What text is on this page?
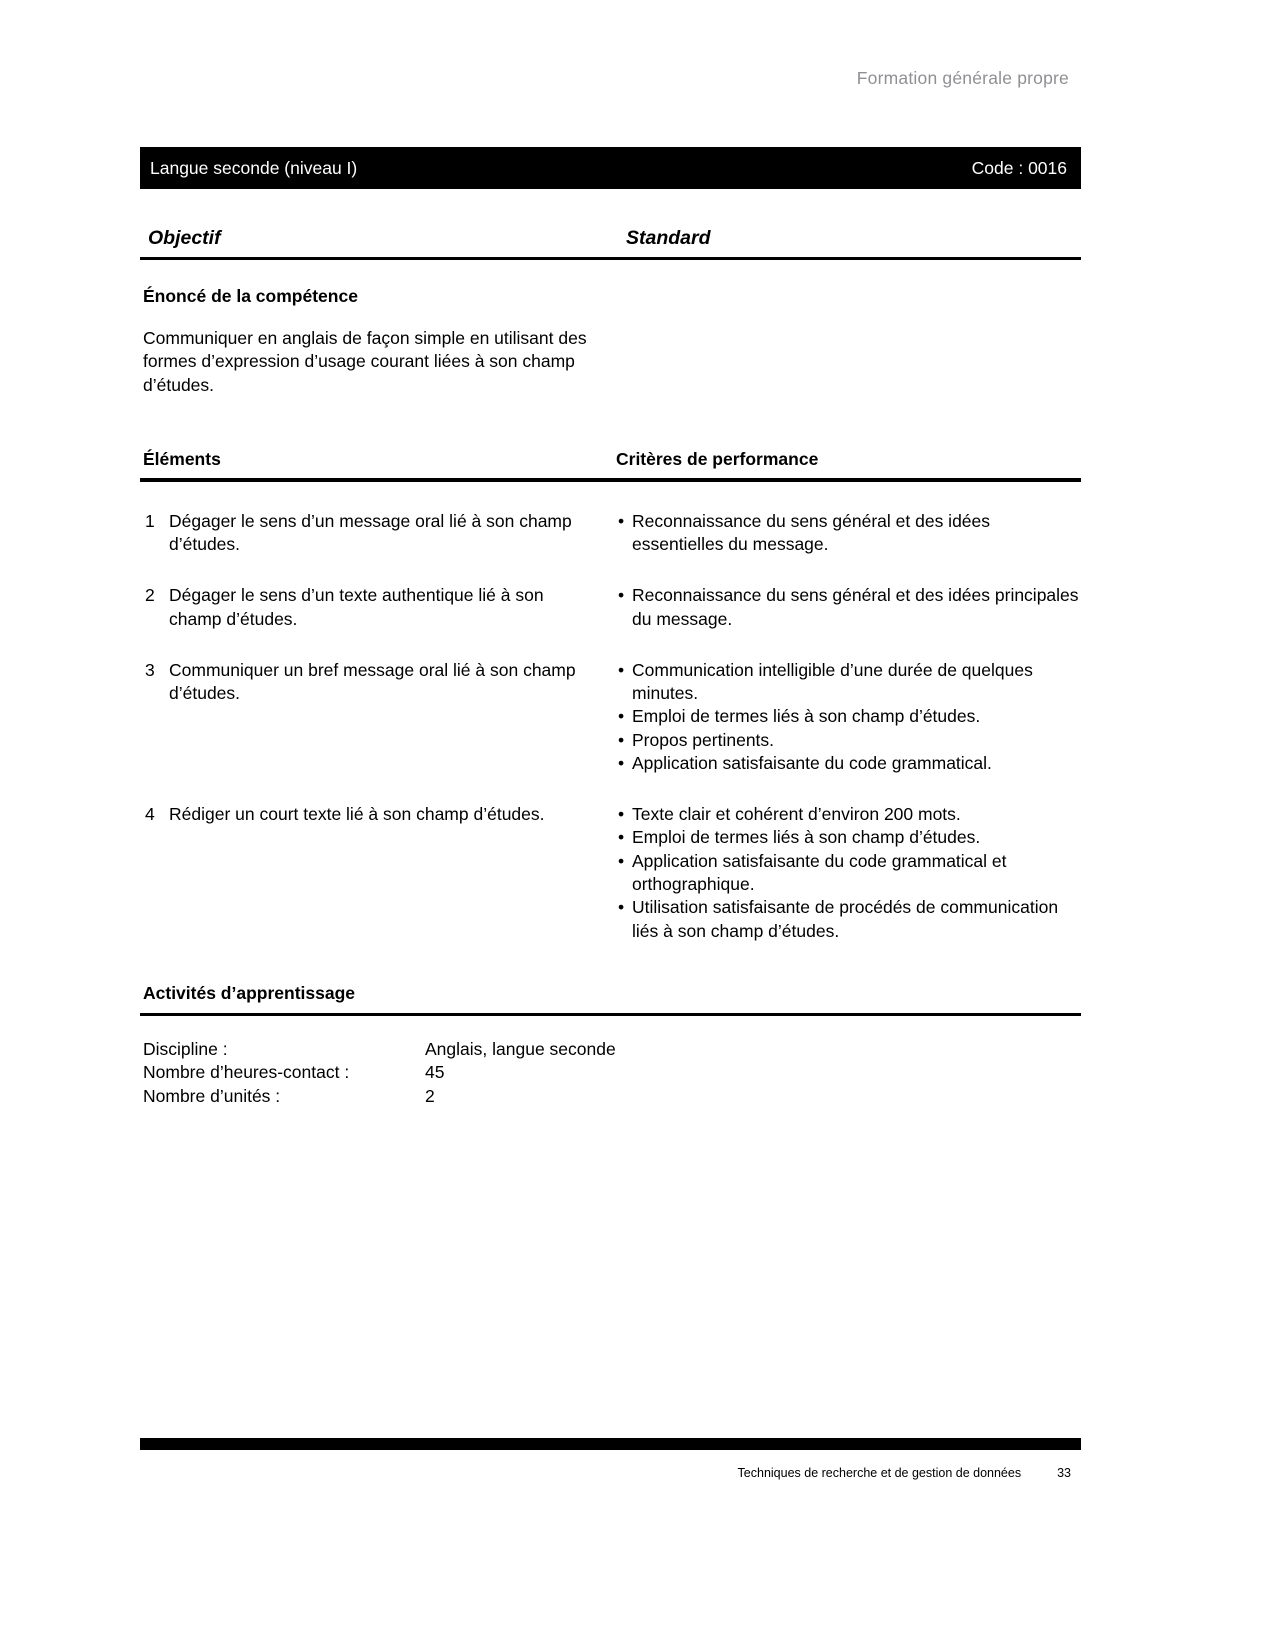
Formation générale propre
Langue seconde (niveau I)	Code : 0016
Objectif	Standard
Énoncé de la compétence
Communiquer en anglais de façon simple en utilisant des formes d’expression d’usage courant liées à son champ d’études.
Éléments	Critères de performance
1 Dégager le sens d’un message oral lié à son champ d’études.
• Reconnaissance du sens général et des idées essentielles du message.
2 Dégager le sens d’un texte authentique lié à son champ d’études.
• Reconnaissance du sens général et des idées principales du message.
3 Communiquer un bref message oral lié à son champ d’études.
• Communication intelligible d’une durée de quelques minutes.
• Emploi de termes liés à son champ d’études.
• Propos pertinents.
• Application satisfaisante du code grammatical.
4 Rédiger un court texte lié à son champ d’études.	• Texte clair et cohérent d’environ 200 mots.
• Emploi de termes liés à son champ d’études.
• Application satisfaisante du code grammatical et orthographique.
• Utilisation satisfaisante de procédés de communication liés à son champ d’études.
Activités d’apprentissage
Discipline :	Anglais, langue seconde
Nombre d’heures-contact :	45
Nombre d’unités :	2
Techniques de recherche et de gestion de données	33
